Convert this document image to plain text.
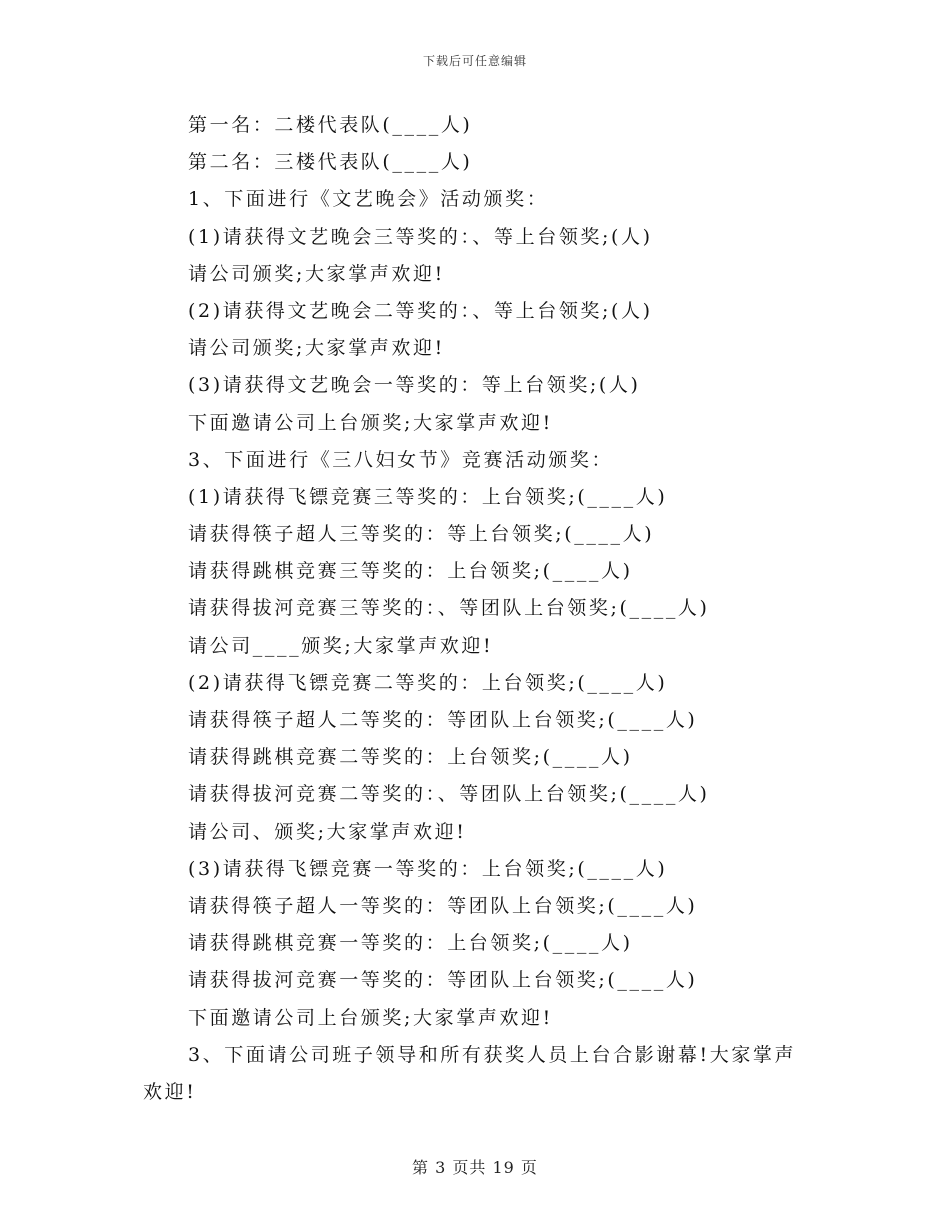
下载后可任意编辑
第一名：二楼代表队(____人)
第二名：三楼代表队(____人)
1、下面进行《文艺晚会》活动颁奖：
(1)请获得文艺晚会三等奖的：、等上台领奖;(人)
请公司颁奖;大家掌声欢迎!
(2)请获得文艺晚会二等奖的：、等上台领奖;(人)
请公司颁奖;大家掌声欢迎!
(3)请获得文艺晚会一等奖的：等上台领奖;(人)
下面邀请公司上台颁奖;大家掌声欢迎!
3、下面进行《三八妇女节》竞赛活动颁奖：
(1)请获得飞镖竞赛三等奖的：上台领奖;(____人)
请获得筷子超人三等奖的：等上台领奖;(____人)
请获得跳棋竞赛三等奖的：上台领奖;(____人)
请获得拔河竞赛三等奖的：、等团队上台领奖;(____人)
请公司____颁奖;大家掌声欢迎!
(2)请获得飞镖竞赛二等奖的：上台领奖;(____人)
请获得筷子超人二等奖的：等团队上台领奖;(____人)
请获得跳棋竞赛二等奖的：上台领奖;(____人)
请获得拔河竞赛二等奖的：、等团队上台领奖;(____人)
请公司、颁奖;大家掌声欢迎!
(3)请获得飞镖竞赛一等奖的：上台领奖;(____人)
请获得筷子超人一等奖的：等团队上台领奖;(____人)
请获得跳棋竞赛一等奖的：上台领奖;(____人)
请获得拔河竞赛一等奖的：等团队上台领奖;(____人)
下面邀请公司上台颁奖;大家掌声欢迎!
3、下面请公司班子领导和所有获奖人员上台合影谢幕!大家掌声
欢迎!
第 3 页共 19 页
